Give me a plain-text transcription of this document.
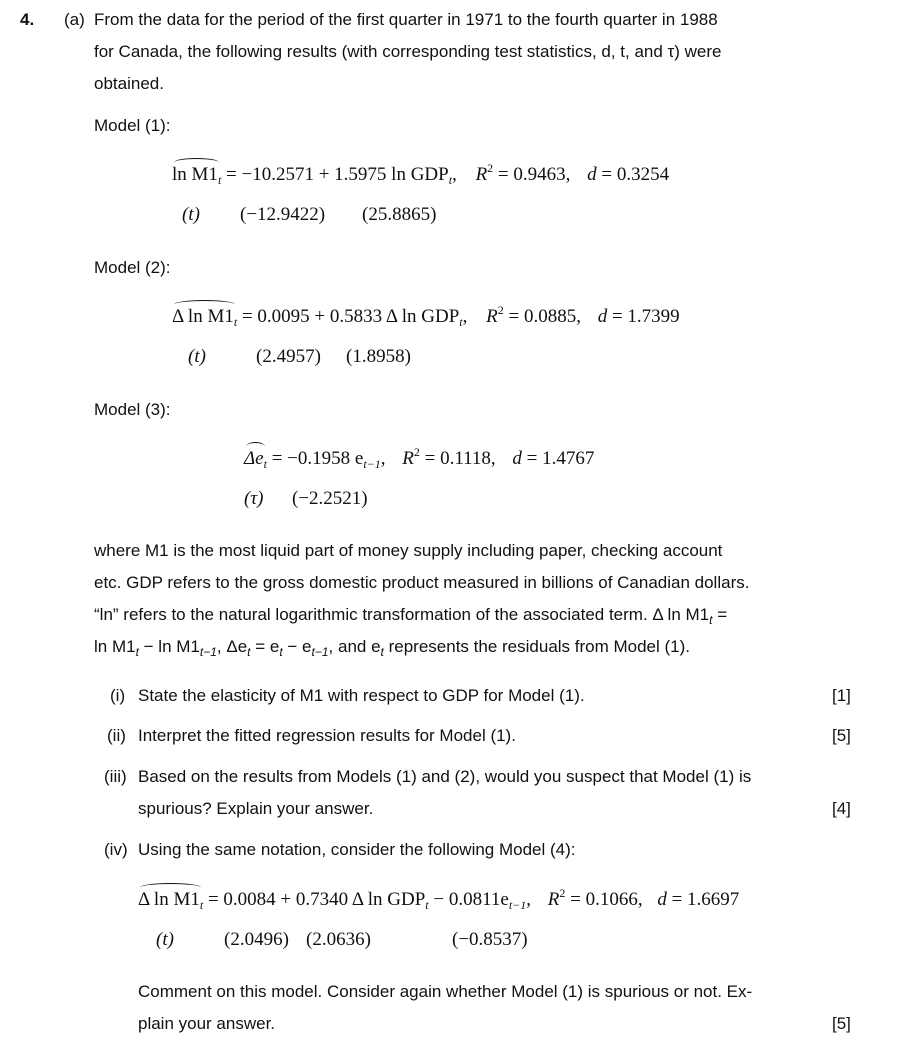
4. (a) From the data for the period of the first quarter in 1971 to the fourth quarter in 1988
for Canada, the following results (with corresponding test statistics, d, t, and τ) were
obtained.
Model (1):
$\ln M1_t = -10.2571 + 1.5975$ $\ln GDP_t$, $R^2 = 0.9463$, d = 0.3254
(t) (−12.9422) (25.8865)
Model (2):
Δ $\ln M1_t = 0.0095 + 0.5833$ Δ $\ln GDP_t$, $R^2 = 0.0885$, d = 1.7399
(t)	(2.4957) (1.8958)
Model (3):
$\Delta e_t = -0.1958$ $e_{t-1}$, $R^2 = 0.1118$, d = 1.4767
(τ) (−2.2521)
where M1 is the most liquid part of money supply including paper, checking account
etc. GDP refers to the gross domestic product measured in billions of Canadian dollars.
“ln” refers to the natural logarithmic transformation of the associated term. Δ $\ln M1_t$ =
$\ln M1_t - \ln M1_{t-1}$, $\Delta e_t = e_t - e_{t-1}$, and $e_t$ represents the residuals from Model (1).
(i) State the elasticity of M1 with respect to GDP for Model (1).	[1]
(ii) Interpret the fitted regression results for Model (1).	[5]
(iii) Based on the results from Models (1) and (2), would you suspect that Model (1) is
spurious? Explain your answer.	[4]
(iv) Using the same notation, consider the following Model (4):
Δ $\ln M1_t = 0.0084 + 0.7340$ Δ $\ln GDP_t - 0.0811e_{t-1}$, $R^2 = 0.1066$, d = 1.6697
(t)	(2.0496) (2.0636)	(−0.8537)
Comment on this model. Consider again whether Model (1) is spurious or not. Ex-
plain your answer.	[5]
